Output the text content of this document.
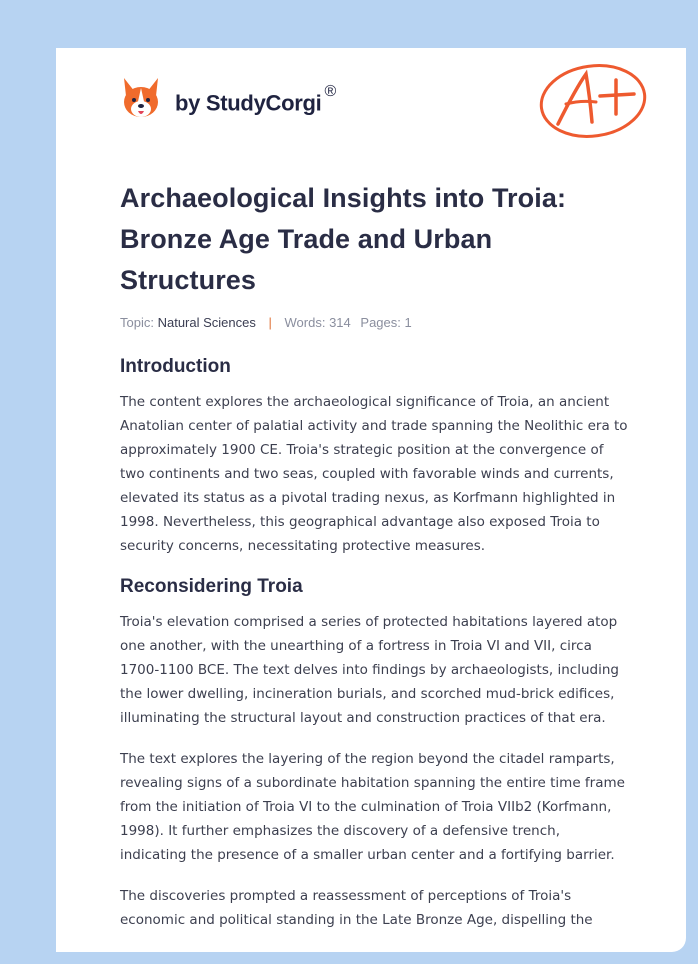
by StudyCorgi ®
A+
Archaeological Insights into Troia: Bronze Age Trade and Urban Structures
Topic: Natural Sciences | Words: 314 Pages: 1
Introduction

The content explores the archaeological significance of Troia, an ancient Anatolian center of palatial activity and trade spanning the Neolithic era to approximately 1900 CE. Troia's strategic position at the convergence of two continents and two seas, coupled with favorable winds and currents, elevated its status as a pivotal trading nexus, as Korfmann highlighted in 1998. Nevertheless, this geographical advantage also exposed Troia to security concerns, necessitating protective measures.

Reconsidering Troia

Troia's elevation comprised a series of protected habitations layered atop one another, with the unearthing of a fortress in Troia VI and VII, circa 1700-1100 BCE. The text delves into findings by archaeologists, including the lower dwelling, incineration burials, and scorched mud-brick edifices, illuminating the structural layout and construction practices of that era.

The text explores the layering of the region beyond the citadel ramparts, revealing signs of a subordinate habitation spanning the entire time frame from the initiation of Troia VI to the culmination of Troia VIIb2 (Korfmann, 1998). It further emphasizes the discovery of a defensive trench, indicating the presence of a smaller urban center and a fortifying barrier.

The discoveries prompted a reassessment of perceptions of Troia's economic and political standing in the Late Bronze Age, dispelling the
